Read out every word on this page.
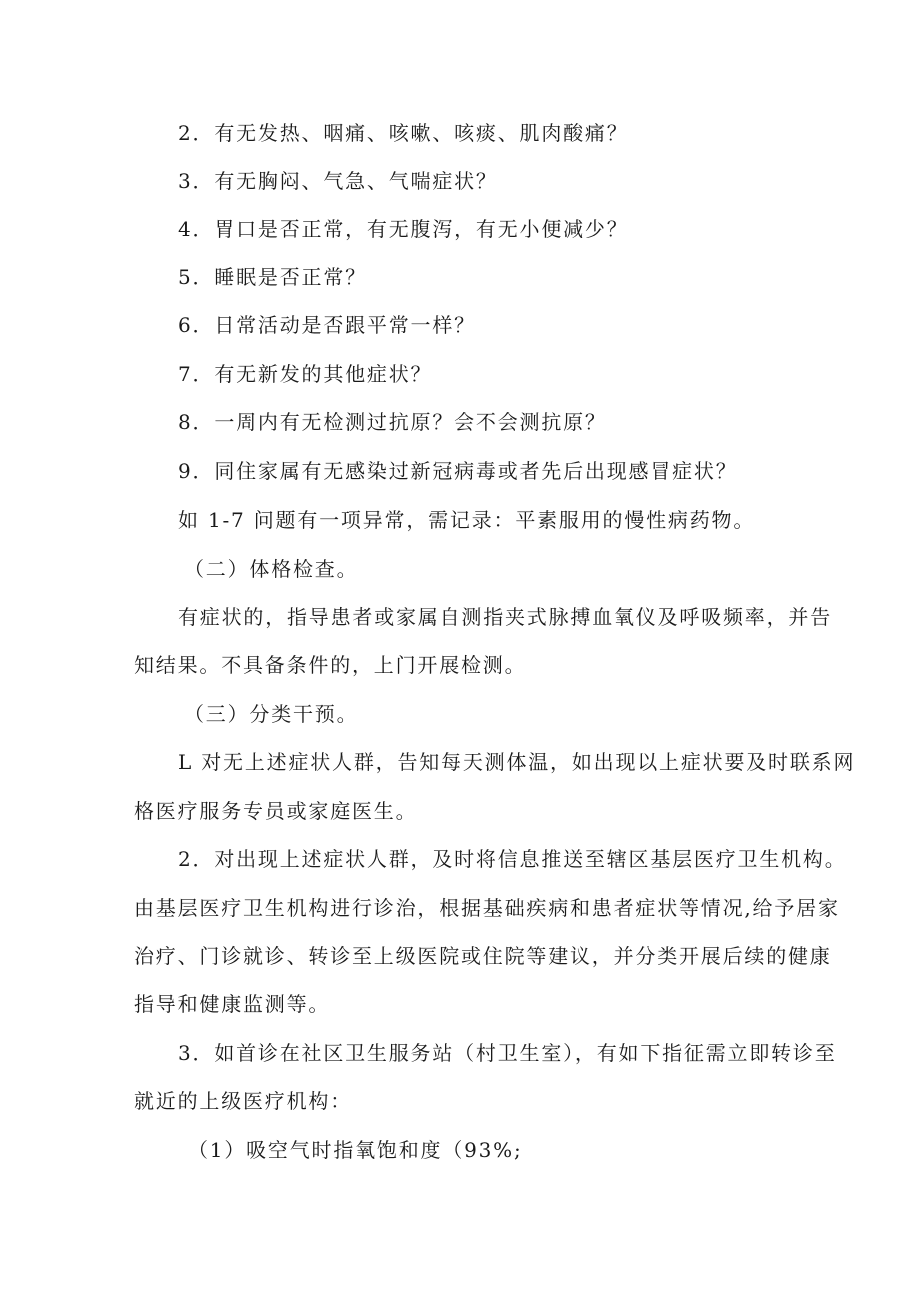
2．有无发热、咽痛、咳嗽、咳痰、肌肉酸痛？

3．有无胸闷、气急、气喘症状？

4．胃口是否正常，有无腹泻，有无小便减少？

5．睡眠是否正常？

6．日常活动是否跟平常一样？

7．有无新发的其他症状？

8．一周内有无检测过抗原？会不会测抗原？

9．同住家属有无感染过新冠病毒或者先后出现感冒症状？

如 1-7 问题有一项异常，需记录：平素服用的慢性病药物。

（二）体格检查。

有症状的，指导患者或家属自测指夹式脉搏血氧仪及呼吸频率，并告

知结果。不具备条件的，上门开展检测。

（三）分类干预。

L 对无上述症状人群，告知每天测体温，如出现以上症状要及时联系网

格医疗服务专员或家庭医生。

2．对出现上述症状人群，及时将信息推送至辖区基层医疗卫生机构。

由基层医疗卫生机构进行诊治，根据基础疾病和患者症状等情况,给予居家

治疗、门诊就诊、转诊至上级医院或住院等建议，并分类开展后续的健康

指导和健康监测等。

3．如首诊在社区卫生服务站（村卫生室），有如下指征需立即转诊至

就近的上级医疗机构：

（1）吸空气时指氧饱和度（93%;
